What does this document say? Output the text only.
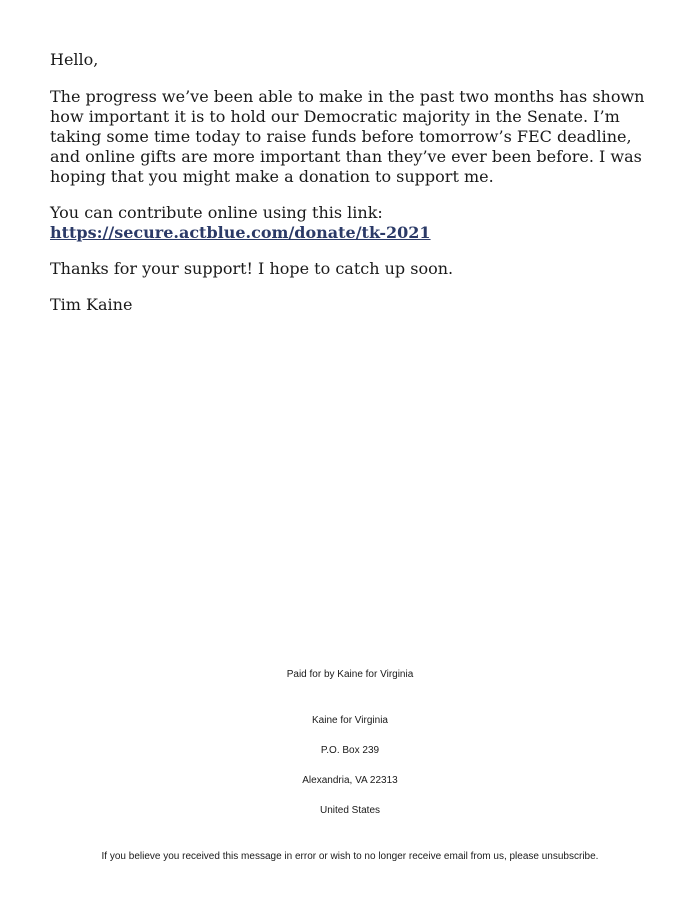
Hello,

The progress we’ve been able to make in the past two months has shown how important it is to hold our Democratic majority in the Senate. I’m taking some time today to raise funds before tomorrow’s FEC deadline, and online gifts are more important than they’ve ever been before. I was hoping that you might make a donation to support me.

You can contribute online using this link:
https://secure.actblue.com/donate/tk-2021

Thanks for your support! I hope to catch up soon.

Tim Kaine

Paid for by Kaine for Virginia
Kaine for Virginia
P.O. Box 239
Alexandria, VA 22313
United States
If you believe you received this message in error or wish to no longer receive email from us, please unsubscribe.
